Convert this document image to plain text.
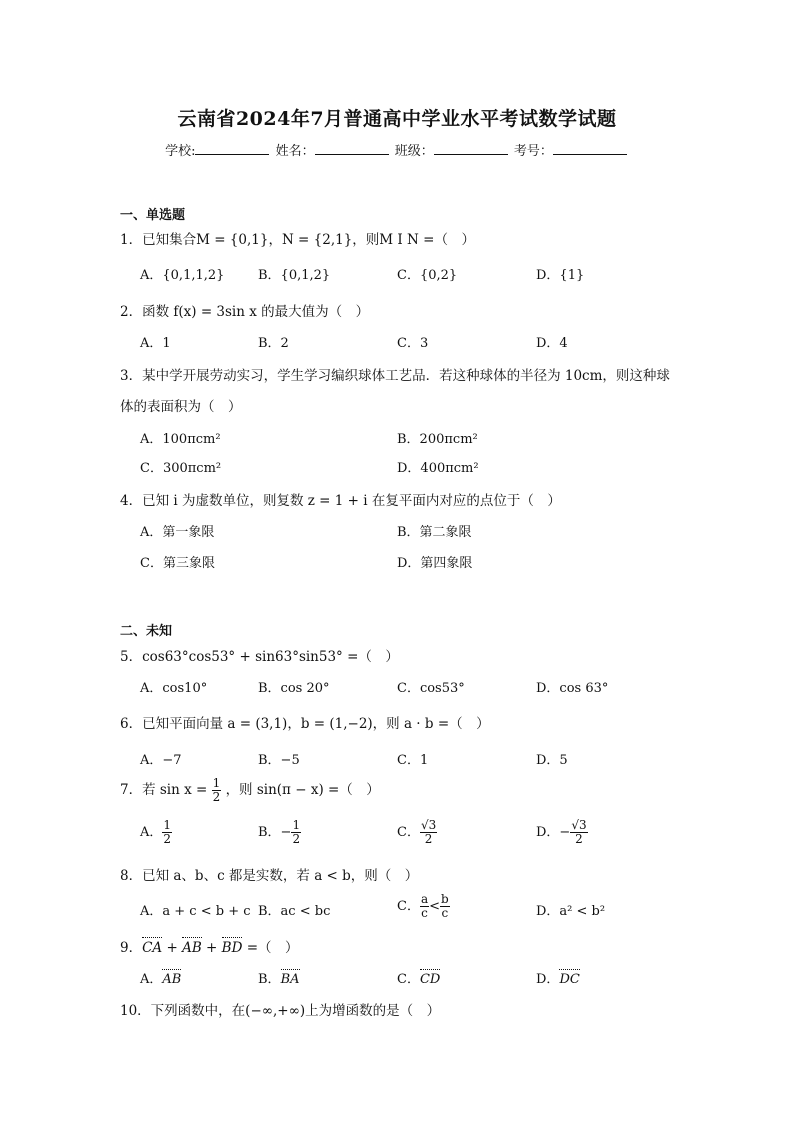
云南省2024年7月普通高中学业水平考试数学试题
学校:	姓名：	班级：	考号：
一、单选题
1．已知集合M = {0,1}，N = {2,1}，则M I N =（　）
A．{0,1,1,2}	B．{0,1,2}	C．{0,2}	D．{1}
2．函数 f(x) = 3sin x 的最大值为（　）
A．1	B．2	C．3	D．4
3．某中学开展劳动实习，学生学习编织球体工艺品．若这种球体的半径为 10cm，则这种球
体的表面积为（　）
A．100πcm²	B．200πcm²
C．300πcm²	D．400πcm²
4．已知 i 为虚数单位，则复数 z = 1 + i 在复平面内对应的点位于（　）
A．第一象限	B．第二象限
C．第三象限	D．第四象限
二、未知
5．cos63°cos53° + sin63°sin53° =（　）
A．cos10°	B．cos 20°	C．cos53°	D．cos 63°
6．已知平面向量 a = (3,1)，b = (1,−2)，则 a · b =（　）
A．−7	B．−5	C．1	D．5
7．若 $\sin x = \frac{1}{2}$ ，则 sin(π − x) =（　）
A． $\frac{1}{2}$	B．− $\frac{1}{2}$	C． $\frac{√3}{2}$	D．− $\frac{√3}{2}$
8．已知 a、b、c 都是实数，若 a < b，则（　）
A．a + c < b + c B．ac < bc	C． $\frac{a}{c} < \frac{b}{c}$	D．a² < b²
9．CA + AB + BD =（　）
A．AB	B．BA	C．CD	D．DC
10．下列函数中，在(−∞,+∞)上为增函数的是（　）
